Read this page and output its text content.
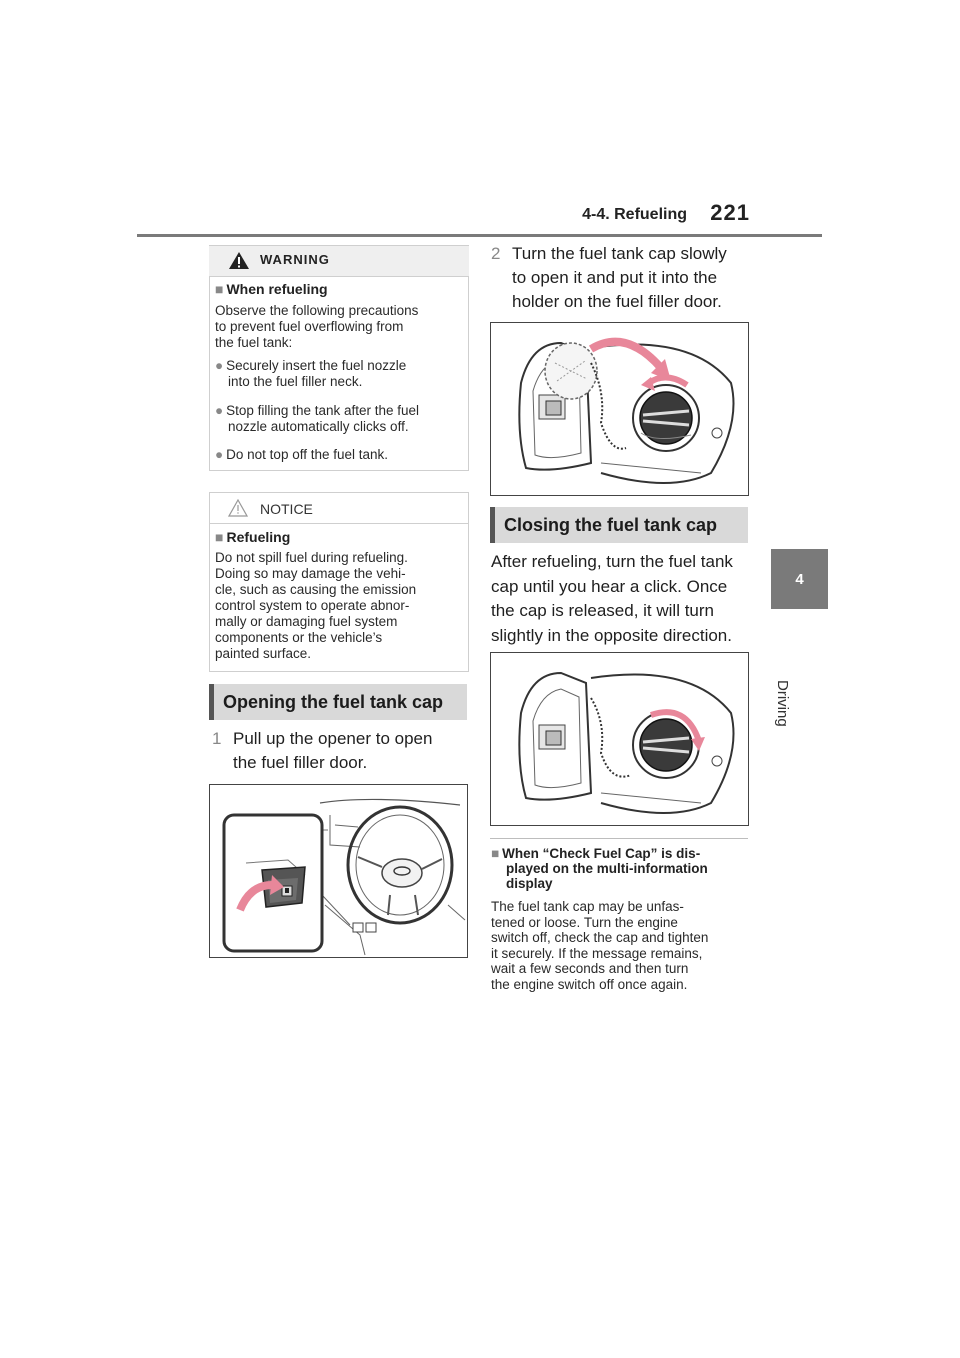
4-4. Refueling	221
4
Driving
WARNING
■ When refueling
Observe the following precautions
to prevent fuel overflowing from
the fuel tank:
● Securely insert the fuel nozzle
into the fuel filler neck.
● Stop filling the tank after the fuel
nozzle automatically clicks off.
● Do not top off the fuel tank.
NOTICE
■ Refueling
Do not spill fuel during refueling.
Doing so may damage the vehi-
cle, such as causing the emission
control system to operate abnor-
mally or damaging fuel system
components or the vehicle’s
painted surface.
Opening the fuel tank cap
1 Pull up the opener to open
the fuel filler door.
2 Turn the fuel tank cap slowly
to open it and put it into the
holder on the fuel filler door.
Closing the fuel tank cap
After refueling, turn the fuel tank
cap until you hear a click. Once
the cap is released, it will turn
slightly in the opposite direction.
■ When “Check Fuel Cap” is dis-
played on the multi-information
display
The fuel tank cap may be unfas-
tened or loose. Turn the engine
switch off, check the cap and tighten
it securely. If the message remains,
wait a few seconds and then turn
the engine switch off once again.
